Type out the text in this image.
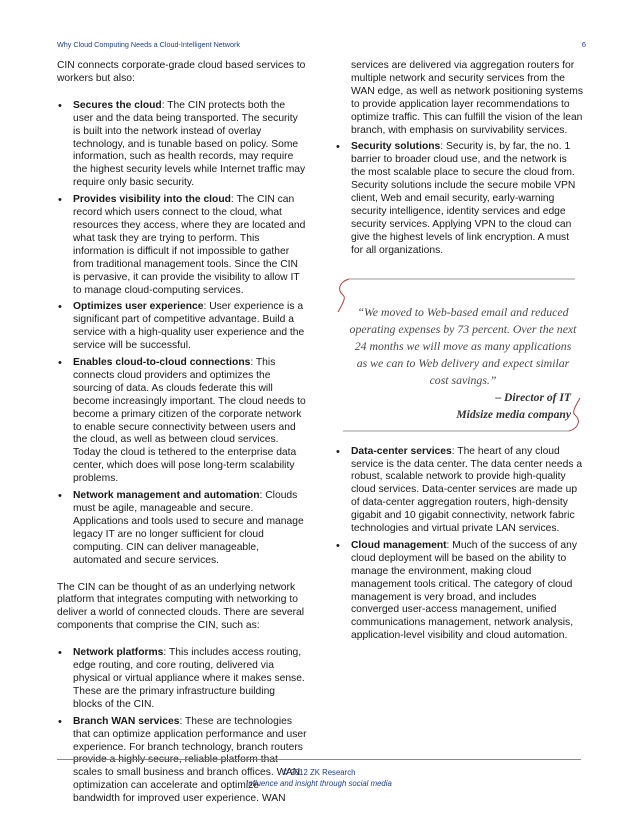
Why Cloud Computing Needs a Cloud-Intelligent Network	6

CIN connects corporate-grade cloud based services to workers but also:

• Secures the cloud: The CIN protects both the user and the data being transported. The security is built into the network instead of overlay technology, and is tunable based on policy. Some information, such as health records, may require the highest security levels while Internet traffic may require only basic security.
• Provides visibility into the cloud: The CIN can record which users connect to the cloud, what resources they access, where they are located and what task they are trying to perform. This information is difficult if not impossible to gather from traditional management tools. Since the CIN is pervasive, it can provide the visibility to allow IT to manage cloud-computing services.
• Optimizes user experience: User experience is a significant part of competitive advantage. Build a service with a high-quality user experience and the service will be successful.
• Enables cloud-to-cloud connections: This connects cloud providers and optimizes the sourcing of data. As clouds federate this will become increasingly important. The cloud needs to become a primary citizen of the corporate network to enable secure connectivity between users and the cloud, as well as between cloud services. Today the cloud is tethered to the enterprise data center, which does will pose long-term scalability problems.
• Network management and automation: Clouds must be agile, manageable and secure. Applications and tools used to secure and manage legacy IT are no longer sufficient for cloud computing. CIN can deliver manageable, automated and secure services.

The CIN can be thought of as an underlying network platform that integrates computing with networking to deliver a world of connected clouds. There are several components that comprise the CIN, such as:

• Network platforms: This includes access routing, edge routing, and core routing, delivered via physical or virtual appliance where it makes sense. These are the primary infrastructure building blocks of the CIN.
• Branch WAN services: These are technologies that can optimize application performance and user experience. For branch technology, branch routers scales to small business and branch offices. WAN optimization can accelerate and optimize bandwidth for improved user experience. WAN
services are delivered via aggregation routers for multiple network and security services from the WAN edge, as well as network positioning systems to provide application layer recommendations to optimize traffic. This can fulfill the vision of the lean branch, with emphasis on survivability services.
• Security solutions: Security is, by far, the no. 1 barrier to broader cloud use, and the network is the most scalable place to secure the cloud from. Security solutions include the secure mobile VPN client, Web and email security, early-warning security intelligence, identity services and edge security services. Applying VPN to the cloud can give the highest levels of link encryption. A must for all organizations.
“We moved to Web-based email and reduced operating expenses by 73 percent. Over the next 24 months we will move as many applications as we can to Web delivery and expect similar cost savings.”
– Director of IT
Midsize media company
• Data-center services: The heart of any cloud service is the data center. The data center needs a robust, scalable network to provide high-quality cloud services. Data-center services are made up of data-center aggregation routers, high-density gigabit and 10 gigabit connectivity, network fabric technologies and virtual private LAN services.
• Cloud management: Much of the success of any cloud deployment will be based on the ability to manage the environment, making cloud management tools critical. The category of cloud management is very broad, and includes converged user-access management, unified communications management, network analysis, application-level visibility and cloud automation.
© 2012 ZK Research
Influence and insight through social media
